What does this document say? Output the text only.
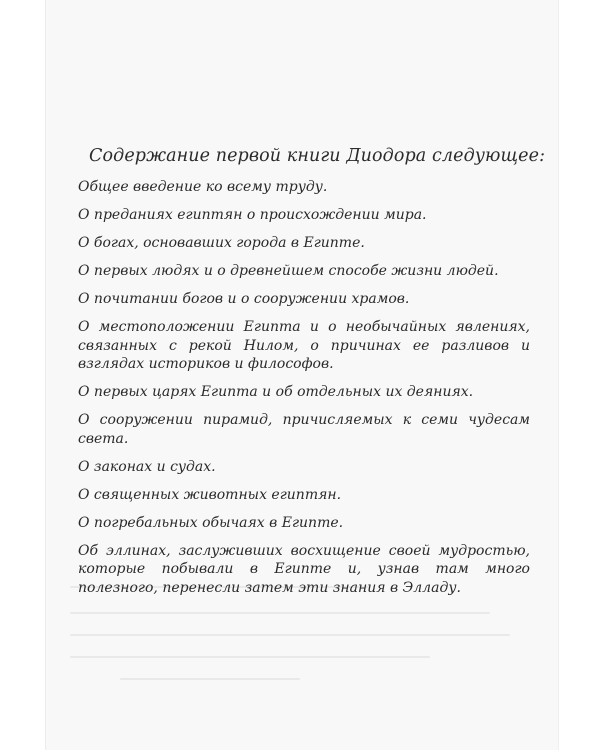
Содержание первой книги Диодора следующее:
Общее введение ко всему труду.
О преданиях египтян о происхождении мира.
О богах, основавших города в Египте.
О первых людях и о древнейшем способе жизни людей.
О почитании богов и о сооружении храмов.
О местоположении Египта и о необычайных явлениях, связанных с рекой Нилом, о причинах ее разливов и взглядах историков и философов.
О первых царях Египта и об отдельных их деяниях.
О сооружении пирамид, причисляемых к семи чудесам света.
О законах и судах.
О священных животных египтян.
О погребальных обычаях в Египте.
Об эллинах, заслуживших восхищение своей мудростью, которые побывали в Египте и, узнав там много полезного, перенесли затем эти знания в Элладу.
